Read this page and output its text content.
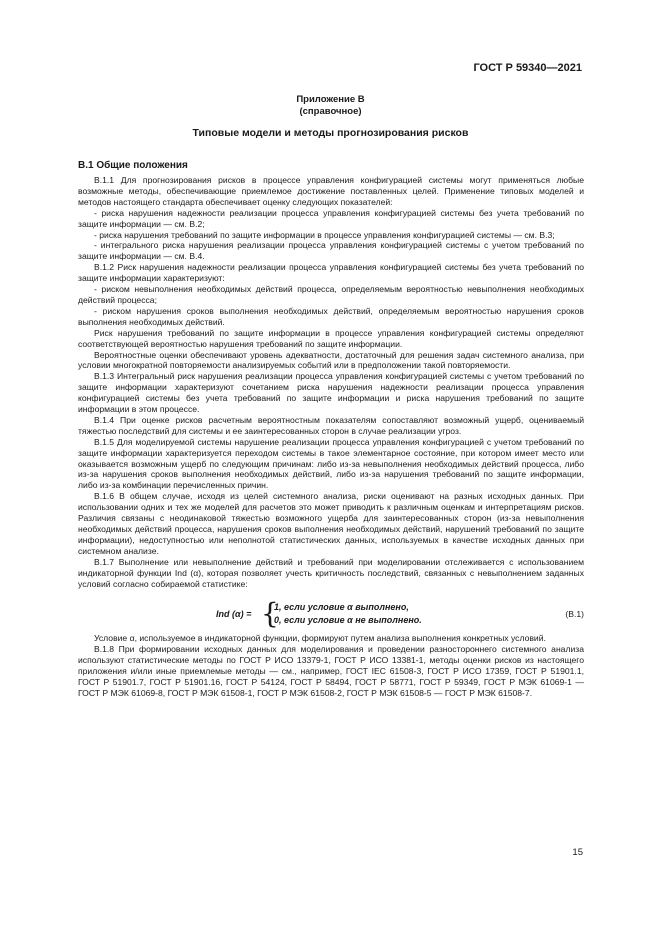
ГОСТ Р 59340—2021
Приложение В
(справочное)
Типовые модели и методы прогнозирования рисков
В.1 Общие положения

В.1.1 Для прогнозирования рисков в процессе управления конфигурацией системы могут применяться любые возможные методы, обеспечивающие приемлемое достижение поставленных целей. Применение типовых моделей и методов настоящего стандарта обеспечивает оценку следующих показателей:

- риска нарушения надежности реализации процесса управления конфигурацией системы без учета требований по защите информации — см. В.2;

- риска нарушения требований по защите информации в процессе управления конфигурацией системы — см. В.3;

- интегрального риска нарушения реализации процесса управления конфигурацией системы с учетом требований по защите информации — см. В.4.

В.1.2 Риск нарушения надежности реализации процесса управления конфигурацией системы без учета требований по защите информации характеризуют:

- риском невыполнения необходимых действий процесса, определяемым вероятностью невыполнения необходимых действий процесса;

- риском нарушения сроков выполнения необходимых действий, определяемым вероятностью нарушения сроков выполнения необходимых действий.

Риск нарушения требований по защите информации в процессе управления конфигурацией системы определяют соответствующей вероятностью нарушения требований по защите информации.

Вероятностные оценки обеспечивают уровень адекватности, достаточный для решения задач системного анализа, при условии многократной повторяемости анализируемых событий или в предположении такой повторяемости.

В.1.3 Интегральный риск нарушения реализации процесса управления конфигурацией системы с учетом требований по защите информации характеризуют сочетанием риска нарушения надежности реализации процесса управления конфигурацией системы без учета требований по защите информации и риска нарушения требований по защите информации в этом процессе.

В.1.4 При оценке рисков расчетным вероятностным показателям сопоставляют возможный ущерб, оцениваемый тяжестью последствий для системы и ее заинтересованных сторон в случае реализации угроз.

В.1.5 Для моделируемой системы нарушение реализации процесса управления конфигурацией с учетом требований по защите информации характеризуется переходом системы в такое элементарное состояние, при котором имеет место или оказывается возможным ущерб по следующим причинам: либо из-за невыполнения необходимых действий процесса, либо из-за нарушения сроков выполнения необходимых действий, либо из-за нарушения требований по защите информации, либо из-за комбинации перечисленных причин.

В.1.6 В общем случае, исходя из целей системного анализа, риски оценивают на разных исходных данных. При использовании одних и тех же моделей для расчетов это может приводить к различным оценкам и интерпретациям рисков. Различия связаны с неодинаковой тяжестью возможного ущерба для заинтересованных сторон (из-за невыполнения необходимых действий процесса, нарушения сроков выполнения необходимых действий, нарушений требований по защите информации), недоступностью или неполнотой статистических данных, используемых в качестве исходных данных при системном анализе.

В.1.7 Выполнение или невыполнение действий и требований при моделировании отслеживается с использованием индикаторной функции Ind (α), которая позволяет учесть критичность последствий, связанных с невыполнением заданных условий согласно собираемой статистике:

Ind (α) = {
1, если условие α выполнено,
0, если условие α не выполнено.
(В.1)

Условие α, используемое в индикаторной функции, формируют путем анализа выполнения конкретных условий.

В.1.8 При формировании исходных данных для моделирования и проведении разностороннего системного анализа используют статистические методы по ГОСТ Р ИСО 13379-1, ГОСТ Р ИСО 13381-1, методы оценки рисков из настоящего приложения и/или иные приемлемые методы — см., например, ГОСТ IEC 61508-3, ГОСТ Р ИСО 17359, ГОСТ Р 51901.1, ГОСТ Р 51901.7, ГОСТ Р 51901.16, ГОСТ Р 54124, ГОСТ Р 58494, ГОСТ Р 58771, ГОСТ Р 59349, ГОСТ Р МЭК 61069-1 — ГОСТ Р МЭК 61069-8, ГОСТ Р МЭК 61508-1, ГОСТ Р МЭК 61508-2, ГОСТ Р МЭК 61508-5 — ГОСТ Р МЭК 61508-7.

15
